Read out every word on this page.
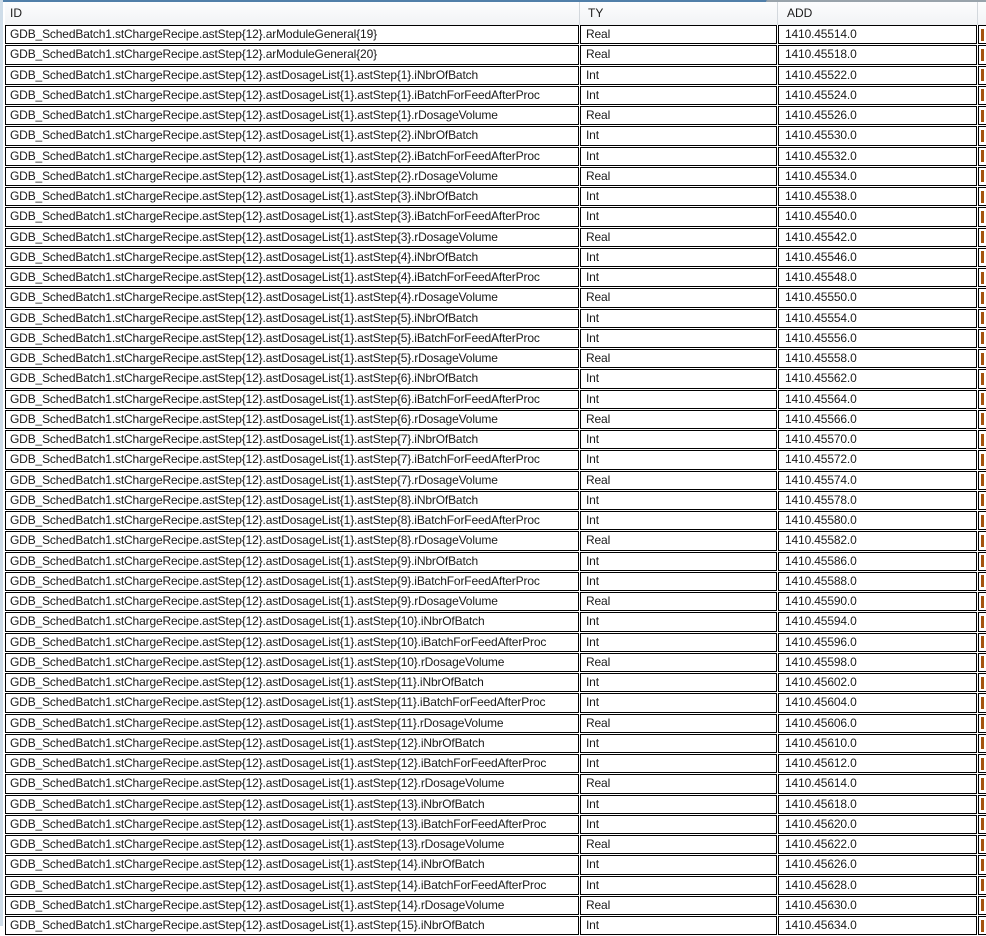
ID	TY	ADD
GDB_SchedBatch1.stChargeRecipe.astStep{12}.arModuleGeneral{19}	Real	1410.45514.0
GDB_SchedBatch1.stChargeRecipe.astStep{12}.arModuleGeneral{20}	Real	1410.45518.0
GDB_SchedBatch1.stChargeRecipe.astStep{12}.astDosageList{1}.astStep{1}.iNbrOfBatch	Int	1410.45522.0
GDB_SchedBatch1.stChargeRecipe.astStep{12}.astDosageList{1}.astStep{1}.iBatchForFeedAfterProc	Int	1410.45524.0
GDB_SchedBatch1.stChargeRecipe.astStep{12}.astDosageList{1}.astStep{1}.rDosageVolume	Real	1410.45526.0
GDB_SchedBatch1.stChargeRecipe.astStep{12}.astDosageList{1}.astStep{2}.iNbrOfBatch	Int	1410.45530.0
GDB_SchedBatch1.stChargeRecipe.astStep{12}.astDosageList{1}.astStep{2}.iBatchForFeedAfterProc	Int	1410.45532.0
GDB_SchedBatch1.stChargeRecipe.astStep{12}.astDosageList{1}.astStep{2}.rDosageVolume	Real	1410.45534.0
GDB_SchedBatch1.stChargeRecipe.astStep{12}.astDosageList{1}.astStep{3}.iNbrOfBatch	Int	1410.45538.0
GDB_SchedBatch1.stChargeRecipe.astStep{12}.astDosageList{1}.astStep{3}.iBatchForFeedAfterProc	Int	1410.45540.0
GDB_SchedBatch1.stChargeRecipe.astStep{12}.astDosageList{1}.astStep{3}.rDosageVolume	Real	1410.45542.0
GDB_SchedBatch1.stChargeRecipe.astStep{12}.astDosageList{1}.astStep{4}.iNbrOfBatch	Int	1410.45546.0
GDB_SchedBatch1.stChargeRecipe.astStep{12}.astDosageList{1}.astStep{4}.iBatchForFeedAfterProc	Int	1410.45548.0
GDB_SchedBatch1.stChargeRecipe.astStep{12}.astDosageList{1}.astStep{4}.rDosageVolume	Real	1410.45550.0
GDB_SchedBatch1.stChargeRecipe.astStep{12}.astDosageList{1}.astStep{5}.iNbrOfBatch	Int	1410.45554.0
GDB_SchedBatch1.stChargeRecipe.astStep{12}.astDosageList{1}.astStep{5}.iBatchForFeedAfterProc	Int	1410.45556.0
GDB_SchedBatch1.stChargeRecipe.astStep{12}.astDosageList{1}.astStep{5}.rDosageVolume	Real	1410.45558.0
GDB_SchedBatch1.stChargeRecipe.astStep{12}.astDosageList{1}.astStep{6}.iNbrOfBatch	Int	1410.45562.0
GDB_SchedBatch1.stChargeRecipe.astStep{12}.astDosageList{1}.astStep{6}.iBatchForFeedAfterProc	Int	1410.45564.0
GDB_SchedBatch1.stChargeRecipe.astStep{12}.astDosageList{1}.astStep{6}.rDosageVolume	Real	1410.45566.0
GDB_SchedBatch1.stChargeRecipe.astStep{12}.astDosageList{1}.astStep{7}.iNbrOfBatch	Int	1410.45570.0
GDB_SchedBatch1.stChargeRecipe.astStep{12}.astDosageList{1}.astStep{7}.iBatchForFeedAfterProc	Int	1410.45572.0
GDB_SchedBatch1.stChargeRecipe.astStep{12}.astDosageList{1}.astStep{7}.rDosageVolume	Real	1410.45574.0
GDB_SchedBatch1.stChargeRecipe.astStep{12}.astDosageList{1}.astStep{8}.iNbrOfBatch	Int	1410.45578.0
GDB_SchedBatch1.stChargeRecipe.astStep{12}.astDosageList{1}.astStep{8}.iBatchForFeedAfterProc	Int	1410.45580.0
GDB_SchedBatch1.stChargeRecipe.astStep{12}.astDosageList{1}.astStep{8}.rDosageVolume	Real	1410.45582.0
GDB_SchedBatch1.stChargeRecipe.astStep{12}.astDosageList{1}.astStep{9}.iNbrOfBatch	Int	1410.45586.0
GDB_SchedBatch1.stChargeRecipe.astStep{12}.astDosageList{1}.astStep{9}.iBatchForFeedAfterProc	Int	1410.45588.0
GDB_SchedBatch1.stChargeRecipe.astStep{12}.astDosageList{1}.astStep{9}.rDosageVolume	Real	1410.45590.0
GDB_SchedBatch1.stChargeRecipe.astStep{12}.astDosageList{1}.astStep{10}.iNbrOfBatch	Int	1410.45594.0
GDB_SchedBatch1.stChargeRecipe.astStep{12}.astDosageList{1}.astStep{10}.iBatchForFeedAfterProc	Int	1410.45596.0
GDB_SchedBatch1.stChargeRecipe.astStep{12}.astDosageList{1}.astStep{10}.rDosageVolume	Real	1410.45598.0
GDB_SchedBatch1.stChargeRecipe.astStep{12}.astDosageList{1}.astStep{11}.iNbrOfBatch	Int	1410.45602.0
GDB_SchedBatch1.stChargeRecipe.astStep{12}.astDosageList{1}.astStep{11}.iBatchForFeedAfterProc	Int	1410.45604.0
GDB_SchedBatch1.stChargeRecipe.astStep{12}.astDosageList{1}.astStep{11}.rDosageVolume	Real	1410.45606.0
GDB_SchedBatch1.stChargeRecipe.astStep{12}.astDosageList{1}.astStep{12}.iNbrOfBatch	Int	1410.45610.0
GDB_SchedBatch1.stChargeRecipe.astStep{12}.astDosageList{1}.astStep{12}.iBatchForFeedAfterProc	Int	1410.45612.0
GDB_SchedBatch1.stChargeRecipe.astStep{12}.astDosageList{1}.astStep{12}.rDosageVolume	Real	1410.45614.0
GDB_SchedBatch1.stChargeRecipe.astStep{12}.astDosageList{1}.astStep{13}.iNbrOfBatch	Int	1410.45618.0
GDB_SchedBatch1.stChargeRecipe.astStep{12}.astDosageList{1}.astStep{13}.iBatchForFeedAfterProc	Int	1410.45620.0
GDB_SchedBatch1.stChargeRecipe.astStep{12}.astDosageList{1}.astStep{13}.rDosageVolume	Real	1410.45622.0
GDB_SchedBatch1.stChargeRecipe.astStep{12}.astDosageList{1}.astStep{14}.iNbrOfBatch	Int	1410.45626.0
GDB_SchedBatch1.stChargeRecipe.astStep{12}.astDosageList{1}.astStep{14}.iBatchForFeedAfterProc	Int	1410.45628.0
GDB_SchedBatch1.stChargeRecipe.astStep{12}.astDosageList{1}.astStep{14}.rDosageVolume	Real	1410.45630.0
GDB_SchedBatch1.stChargeRecipe.astStep{12}.astDosageList{1}.astStep{15}.iNbrOfBatch	Int	1410.45634.0
